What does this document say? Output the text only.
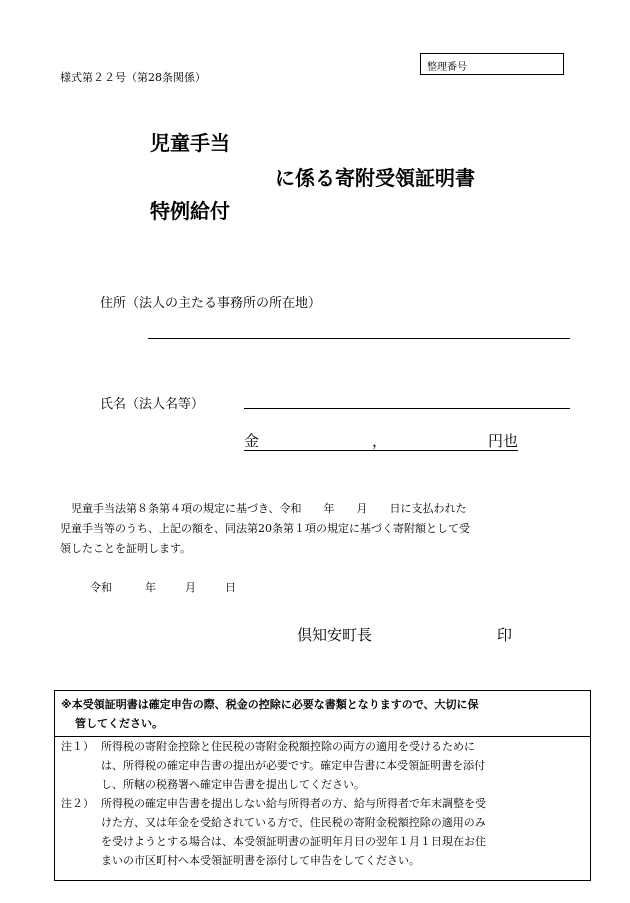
様式第２２号（第28条関係）
整理番号
児童手当
に係る寄附受領証明書
特例給付
住所（法人の主たる事務所の所在地）
氏名（法人名等）
金	，	円也

児童手当法第８条第４項の規定に基づき、令和　　年　　月　　日に支払われた

児童手当等のうち、上記の額を、同法第20条第１項の規定に基づく寄附額として受

領したことを証明します。

令和	年	月	日
倶知安町長	印
※本受領証明書は確定申告の際、税金の控除に必要な書類となりますので、大切に保
管してください。
注１） 所得税の寄附金控除と住民税の寄附金税額控除の両方の適用を受けるために
は、所得税の確定申告書の提出が必要です。確定申告書に本受領証明書を添付
し、所轄の税務署へ確定申告書を提出してください。
注２） 所得税の確定申告書を提出しない給与所得者の方、給与所得者で年末調整を受
けた方、又は年金を受給されている方で、住民税の寄附金税額控除の適用のみ
を受けようとする場合は、本受領証明書の証明年月日の翌年１月１日現在お住
まいの市区町村へ本受領証明書を添付して申告をしてください。
